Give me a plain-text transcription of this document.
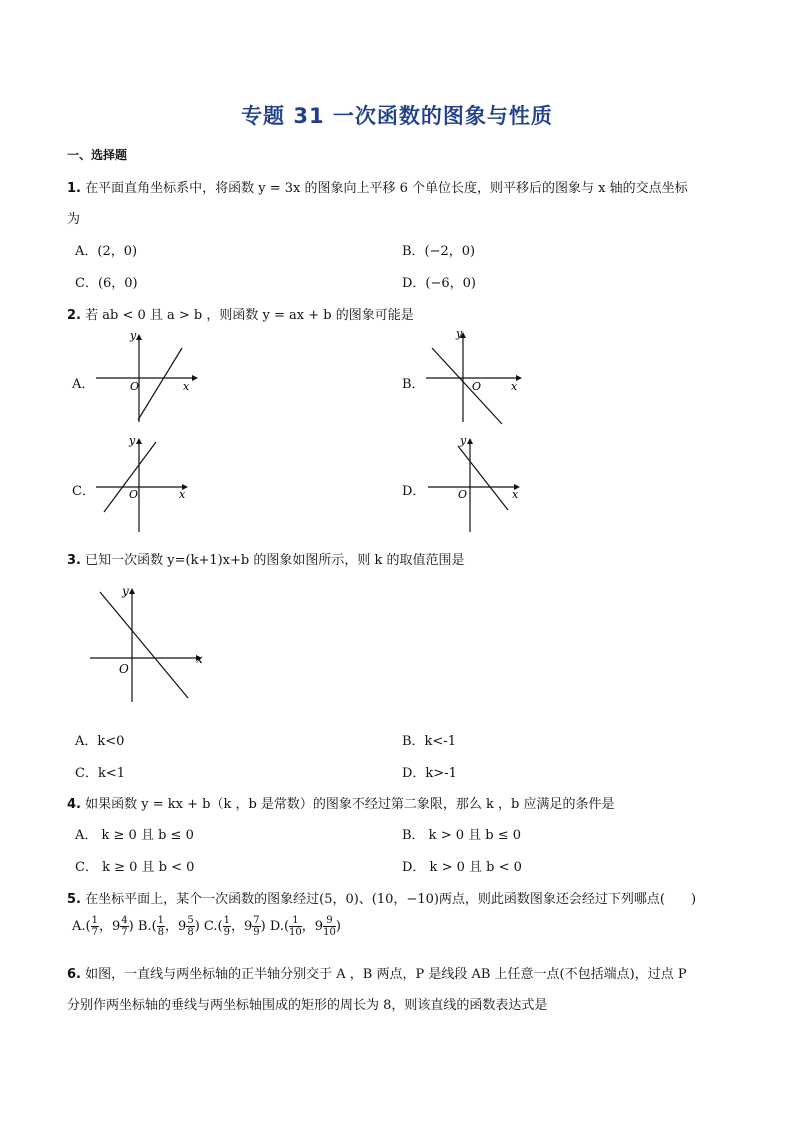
专题 31 一次函数的图象与性质
一、选择题
1. 在平面直角坐标系中，将函数 y = 3x 的图象向上平移 6 个单位长度，则平移后的图象与 x 轴的交点坐标
为
A．(2，0)	B．(−2，0)
C．(6，0)	D．(−6，0)
2. 若 ab < 0 且 a > b ，则函数 y = ax + b 的图象可能是
A．
y
x
O	B．
y
x
O
C．
y
x
O	D．
y
x
O
3. 已知一次函数 y=(k+1)x+b 的图象如图所示，则 k 的取值范围是
y
x
O
A．k<0	B．k<-1
C．k<1	D．k>-1
4. 如果函数 y = kx + b（k ，b 是常数）的图象不经过第二象限，那么 k ，b 应满足的条件是
A． k ≥ 0 且 b ≤ 0	B． k > 0 且 b ≤ 0
C． k ≥ 0 且 b < 0	D． k > 0 且 b < 0
5. 在坐标平面上，某个一次函数的图象经过(5，0)、(10，−10)两点，则此函数图象还会经过下列哪点(　　)
$A.( \frac{1}{7}$ ，$9 \frac{4}{7}$ ) $B.( \frac{1}{8}$ ，$9 \frac{5}{8}$ ) $C.( \frac{1}{9}$ ，$9 \frac{7}{9}$ ) $D.( \frac{1}{10}$ ，$9 \frac{9}{10}$ )
6. 如图，一直线与两坐标轴的正半轴分别交于 A ，B 两点，P 是线段 AB 上任意一点(不包括端点)，过点 P
分别作两坐标轴的垂线与两坐标轴围成的矩形的周长为 8，则该直线的函数表达式是
